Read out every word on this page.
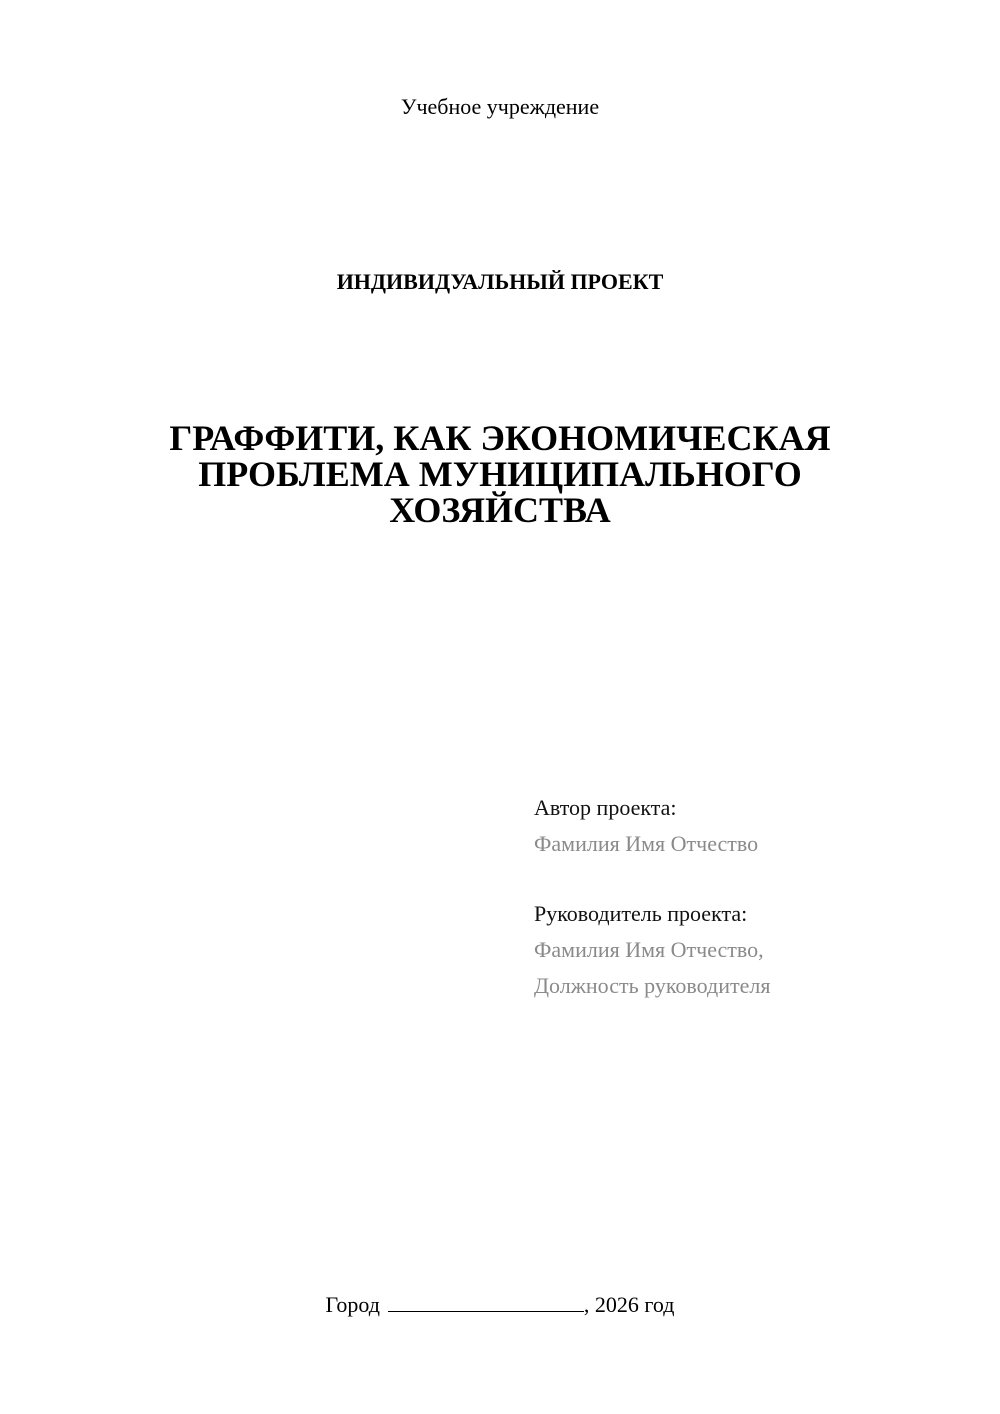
Учебное учреждение
ИНДИВИДУАЛЬНЫЙ ПРОЕКТ
ГРАФФИТИ, КАК ЭКОНОМИЧЕСКАЯ
ПРОБЛЕМА МУНИЦИПАЛЬНОГО
ХОЗЯЙСТВА
Автор проекта:
Фамилия Имя Отчество
Руководитель проекта:
Фамилия Имя Отчество,
Должность руководителя
Город	, 2026 год
